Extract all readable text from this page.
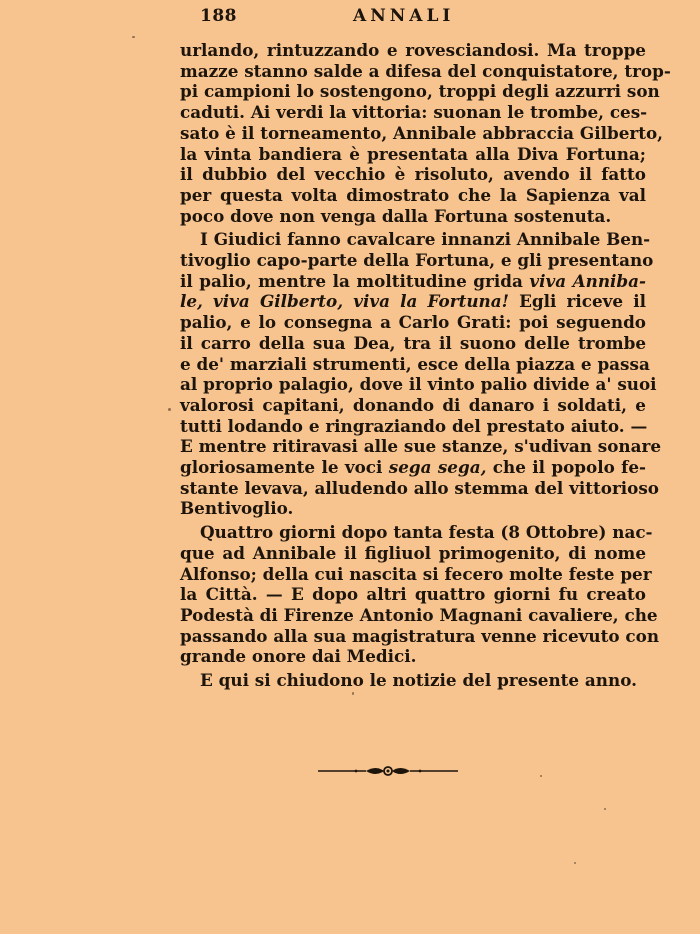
188	ANNALI
urlando, rintuzzando e rovesciandosi. Ma troppe
mazze stanno salde a difesa del conquistatore, trop-
pi campioni lo sostengono, troppi degli azzurri son
caduti. Ai verdi la vittoria: suonan le trombe, ces-
sato è il torneamento, Annibale abbraccia Gilberto,
la vinta bandiera è presentata alla Diva Fortuna;
il dubbio del vecchio è risoluto, avendo il fatto
per questa volta dimostrato che la Sapienza val
poco dove non venga dalla Fortuna sostenuta.
I Giudici fanno cavalcare innanzi Annibale Ben-
tivoglio capo-parte della Fortuna, e gli presentano
il palio, mentre la moltitudine grida viva Anniba-
le, viva Gilberto, viva la Fortuna! Egli riceve il
palio, e lo consegna a Carlo Grati: poi seguendo
il carro della sua Dea, tra il suono delle trombe
e de' marziali strumenti, esce della piazza e passa
al proprio palagio, dove il vinto palio divide a' suoi
valorosi capitani, donando di danaro i soldati, e
tutti lodando e ringraziando del prestato aiuto. —
E mentre ritiravasi alle sue stanze, s'udivan sonare
gloriosamente le voci sega sega, che il popolo fe-
stante levava, alludendo allo stemma del vittorioso
Bentivoglio.
Quattro giorni dopo tanta festa (8 Ottobre) nac-
que ad Annibale il figliuol primogenito, di nome
Alfonso; della cui nascita si fecero molte feste per
la Città. — E dopo altri quattro giorni fu creato
Podestà di Firenze Antonio Magnani cavaliere, che
passando alla sua magistratura venne ricevuto con
grande onore dai Medici.
E qui si chiudono le notizie del presente anno.
